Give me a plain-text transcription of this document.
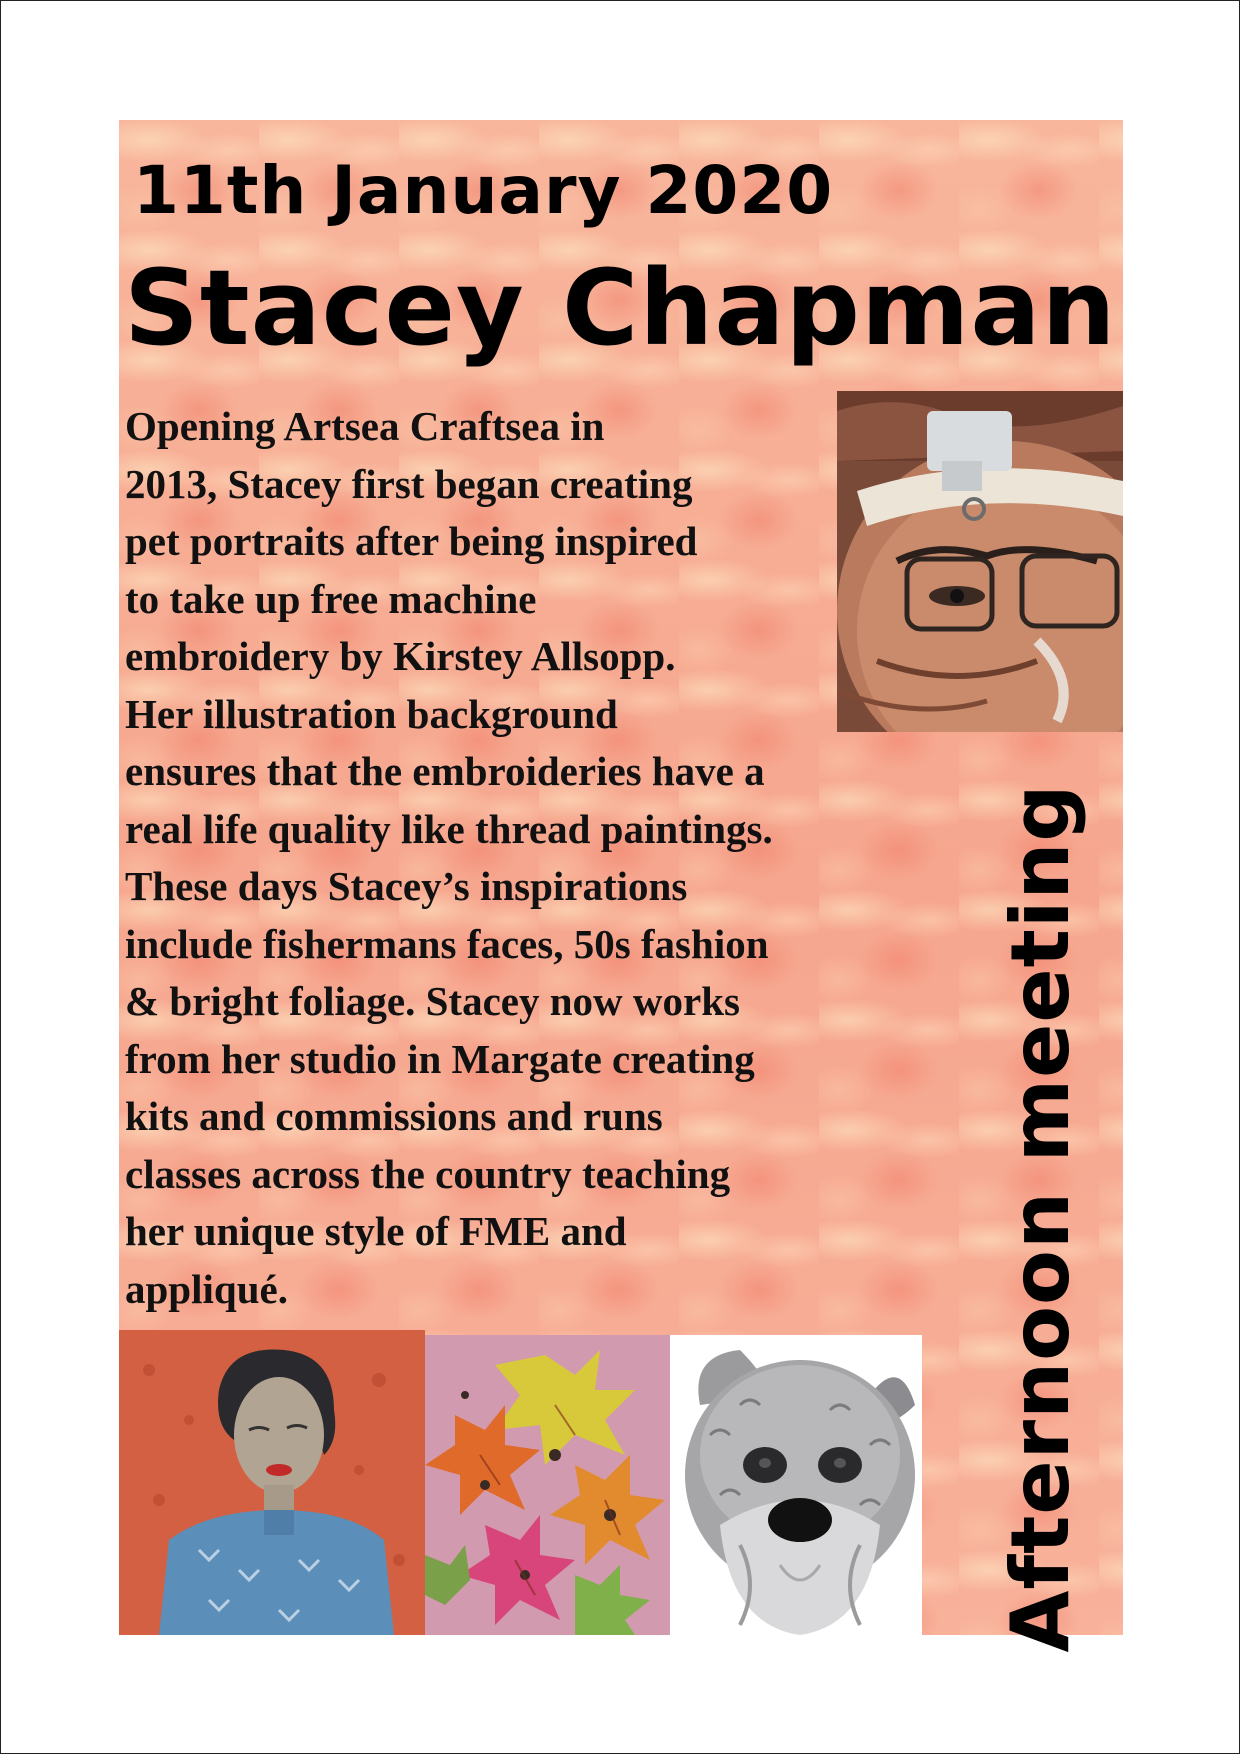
11th January 2020
Stacey Chapman
Opening Artsea Craftsea in
2013, Stacey first began creating
pet portraits after being inspired
to take up free machine
embroidery by Kirstey Allsopp.
Her illustration background
ensures that the embroideries have a
real life quality like thread paintings.
These days Stacey’s inspirations
include fishermans faces, 50s fashion
& bright foliage. Stacey now works
from her studio in Margate creating
kits and commissions and runs
classes across the country teaching
her unique style of FME and
appliqué.	Afternoon meeting
